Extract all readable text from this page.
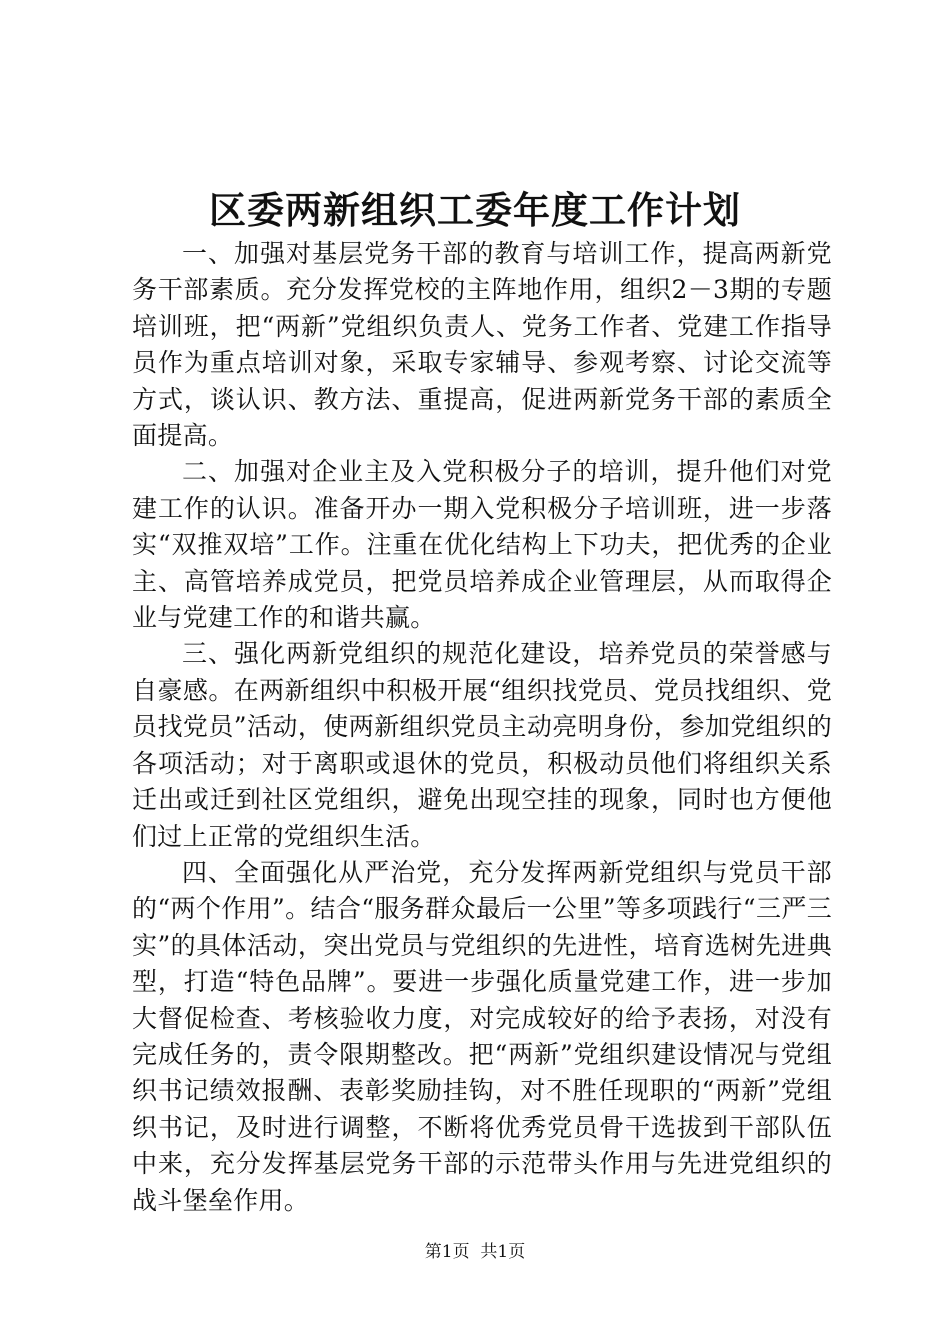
区委两新组织工委年度工作计划

一、加强对基层党务干部的教育与培训工作，提高两新党务干部素质。充分发挥党校的主阵地作用，组织2－3期的专题培训班，把“两新”党组织负责人、党务工作者、党建工作指导员作为重点培训对象，采取专家辅导、参观考察、讨论交流等方式，谈认识、教方法、重提高，促进两新党务干部的素质全面提高。

二、加强对企业主及入党积极分子的培训，提升他们对党建工作的认识。准备开办一期入党积极分子培训班，进一步落实“双推双培”工作。注重在优化结构上下功夫，把优秀的企业主、高管培养成党员，把党员培养成企业管理层，从而取得企业与党建工作的和谐共赢。

三、强化两新党组织的规范化建设，培养党员的荣誉感与自豪感。在两新组织中积极开展“组织找党员、党员找组织、党员找党员”活动，使两新组织党员主动亮明身份，参加党组织的各项活动；对于离职或退休的党员，积极动员他们将组织关系迁出或迁到社区党组织，避免出现空挂的现象，同时也方便他们过上正常的党组织生活。

四、全面强化从严治党，充分发挥两新党组织与党员干部的“两个作用”。结合“服务群众最后一公里”等多项践行“三严三实”的具体活动，突出党员与党组织的先进性，培育选树先进典型，打造“特色品牌”。要进一步强化质量党建工作，进一步加大督促检查、考核验收力度，对完成较好的给予表扬，对没有完成任务的，责令限期整改。把“两新”党组织建设情况与党组织书记绩效报酬、表彰奖励挂钩，对不胜任现职的“两新”党组织书记，及时进行调整，不断将优秀党员骨干选拔到干部队伍中来，充分发挥基层党务干部的示范带头作用与先进党组织的战斗堡垒作用。

第1页 共1页
